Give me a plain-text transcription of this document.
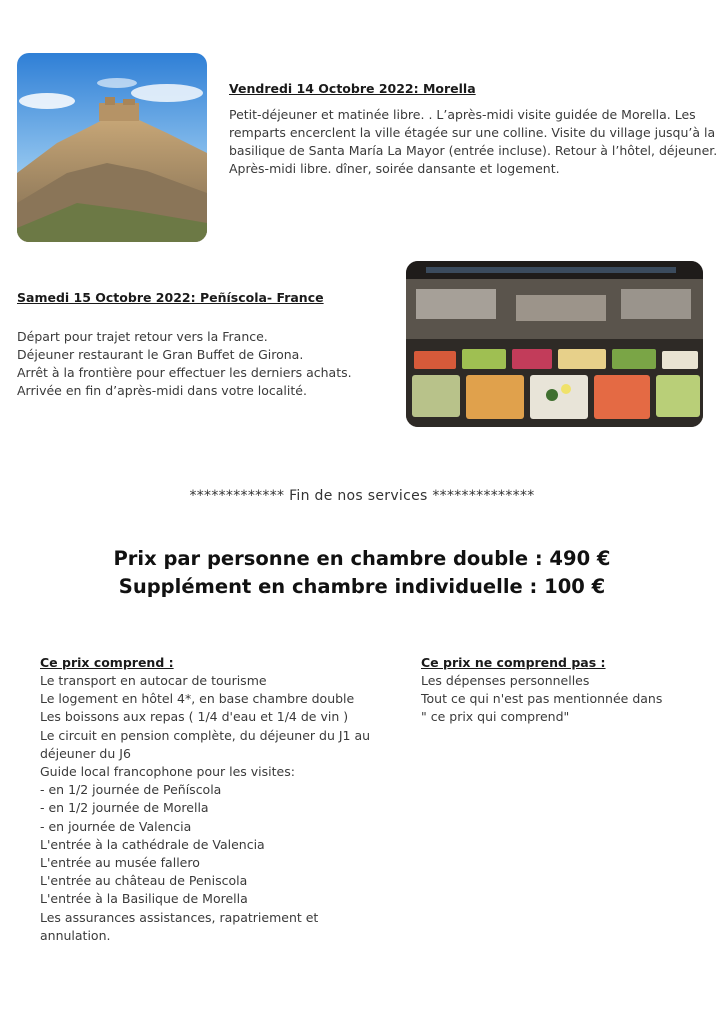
Vendredi 14 Octobre 2022: Morella
Petit-déjeuner et matinée libre. . L’après-midi visite guidée de Morella. Les
remparts encerclent la ville étagée sur une colline. Visite du village jusqu’à la
basilique de Santa María La Mayor (entrée incluse). Retour à l’hôtel, déjeuner.
Après-midi libre. dîner, soirée dansante et logement.
Samedi 15 Octobre 2022: Peñíscola- France
Départ pour trajet retour vers la France.
Déjeuner restaurant le Gran Buffet de Girona.
Arrêt à la frontière pour effectuer les derniers achats.
Arrivée en fin d’après-midi dans votre localité.
************* Fin de nos services **************

Prix par personne en chambre double : 490 €

Supplément en chambre individuelle : 100 €

Ce prix comprend :
Le transport en autocar de tourisme
Le logement en hôtel 4*, en base chambre double
Les boissons aux repas ( 1/4 d'eau et 1/4 de vin )
Le circuit en pension complète, du déjeuner du J1 au
déjeuner du J6
Guide local francophone pour les visites:
- en 1/2 journée de Peñíscola
- en 1/2 journée de Morella
- en journée de Valencia
L'entrée à la cathédrale de Valencia
L'entrée au musée fallero
L'entrée au château de Peniscola
L'entrée à la Basilique de Morella
Les assurances assistances, rapatriement et
annulation.
Ce prix ne comprend pas :
Les dépenses personnelles
Tout ce qui n'est pas mentionnée dans
" ce prix qui comprend"
